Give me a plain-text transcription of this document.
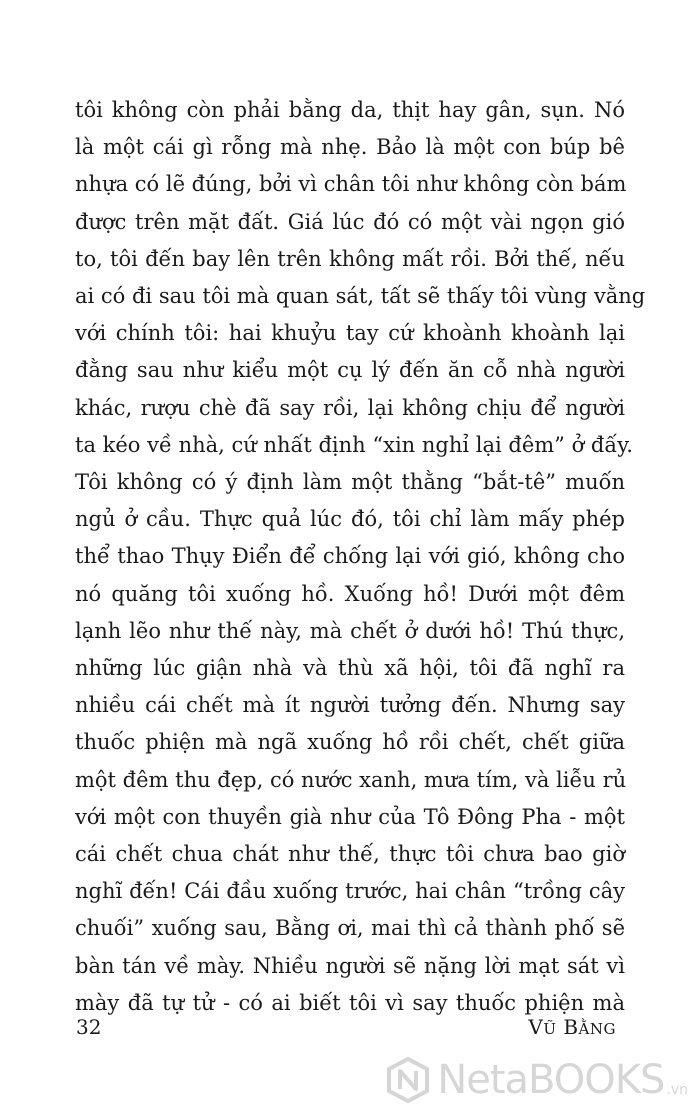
tôi không còn phải bằng da, thịt hay gân, sụn. Nó
là một cái gì rỗng mà nhẹ. Bảo là một con búp bê
nhựa có lẽ đúng, bởi vì chân tôi như không còn bám
được trên mặt đất. Giá lúc đó có một vài ngọn gió
to, tôi đến bay lên trên không mất rồi. Bởi thế, nếu
ai có đi sau tôi mà quan sát, tất sẽ thấy tôi vùng vằng
với chính tôi: hai khuỷu tay cứ khoành khoành lại
đằng sau như kiểu một cụ lý đến ăn cỗ nhà người
khác, rượu chè đã say rồi, lại không chịu để người
ta kéo về nhà, cứ nhất định “xin nghỉ lại đêm” ở đấy.
Tôi không có ý định làm một thằng “bắt-tê” muốn
ngủ ở cầu. Thực quả lúc đó, tôi chỉ làm mấy phép
thể thao Thụy Điển để chống lại với gió, không cho
nó quăng tôi xuống hồ. Xuống hồ! Dưới một đêm
lạnh lẽo như thế này, mà chết ở dưới hồ! Thú thực,
những lúc giận nhà và thù xã hội, tôi đã nghĩ ra
nhiều cái chết mà ít người tưởng đến. Nhưng say
thuốc phiện mà ngã xuống hồ rồi chết, chết giữa
một đêm thu đẹp, có nước xanh, mưa tím, và liễu rủ
với một con thuyền già như của Tô Đông Pha - một
cái chết chua chát như thế, thực tôi chưa bao giờ
nghĩ đến! Cái đầu xuống trước, hai chân “trồng cây
chuối” xuống sau, Bằng ơi, mai thì cả thành phố sẽ
bàn tán về mày. Nhiều người sẽ nặng lời mạt sát vì
mày đã tự tử - có ai biết tôi vì say thuốc phiện mà
32	VŨ BẰNG
NetaBOOKS .vn
